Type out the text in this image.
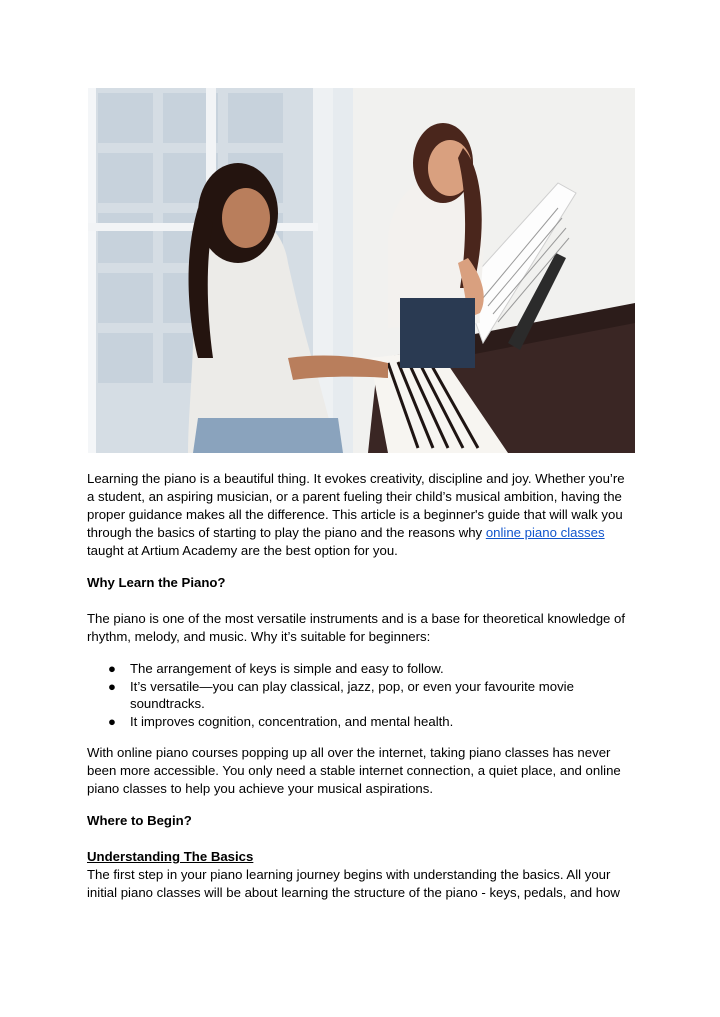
Learning the piano is a beautiful thing. It evokes creativity, discipline and joy. Whether you’re a student, an aspiring musician, or a parent fueling their child’s musical ambition, having the proper guidance makes all the difference. This article is a beginner's guide that will walk you through the basics of starting to play the piano and the reasons why online piano classes taught at Artium Academy are the best option for you.

Why Learn the Piano?

The piano is one of the most versatile instruments and is a base for theoretical knowledge of rhythm, melody, and music. Why it’s suitable for beginners:

● The arrangement of keys is simple and easy to follow.
● It’s versatile—you can play classical, jazz, pop, or even your favourite movie soundtracks.
● It improves cognition, concentration, and mental health.

With online piano courses popping up all over the internet, taking piano classes has never been more accessible. You only need a stable internet connection, a quiet place, and online piano classes to help you achieve your musical aspirations.

Where to Begin?

Understanding The Basics

The first step in your piano learning journey begins with understanding the basics. All your initial piano classes will be about learning the structure of the piano - keys, pedals, and how
